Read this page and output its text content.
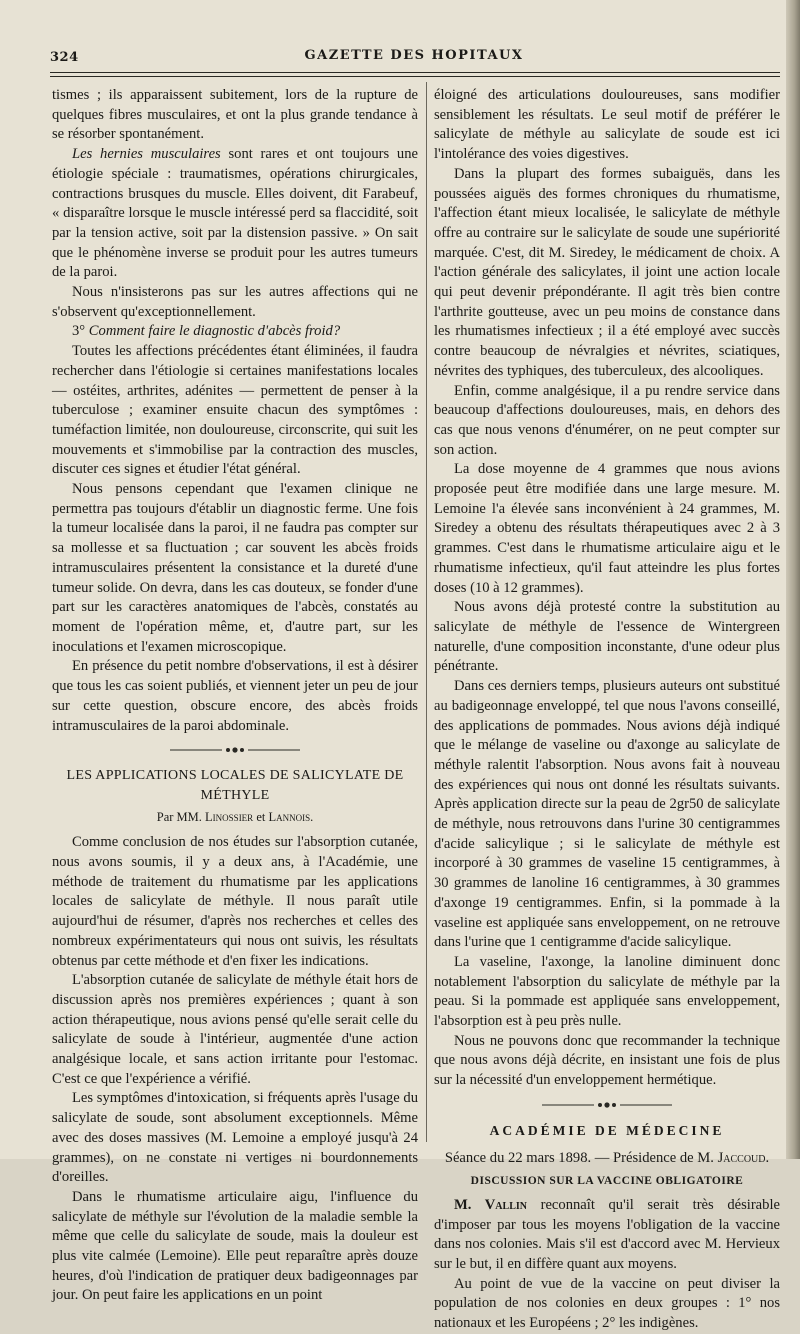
324	GAZETTE DES HOPITAUX

tismes ; ils apparaissent subitement, lors de la rupture de quelques fibres musculaires, et ont la plus grande tendance à se résorber spontanément.

Les hernies musculaires sont rares et ont toujours une étiologie spéciale : traumatismes, opérations chirurgicales, contractions brusques du muscle. Elles doivent, dit Farabeuf, « disparaître lorsque le muscle intéressé perd sa flaccidité, soit par la tension active, soit par la distension passive. » On sait que le phénomène inverse se produit pour les autres tumeurs de la paroi.

Nous n'insisterons pas sur les autres affections qui ne s'observent qu'exceptionnellement.

3° Comment faire le diagnostic d'abcès froid?

Toutes les affections précédentes étant éliminées, il faudra rechercher dans l'étiologie si certaines manifestations locales — ostéites, arthrites, adénites — permettent de penser à la tuberculose ; examiner ensuite chacun des symptômes : tuméfaction limitée, non douloureuse, circonscrite, qui suit les mouvements et s'immobilise par la contraction des muscles, discuter ces signes et étudier l'état général.

Nous pensons cependant que l'examen clinique ne permettra pas toujours d'établir un diagnostic ferme. Une fois la tumeur localisée dans la paroi, il ne faudra pas compter sur sa mollesse et sa fluctuation ; car souvent les abcès froids intramusculaires présentent la consistance et la dureté d'une tumeur solide. On devra, dans les cas douteux, se fonder d'une part sur les caractères anatomiques de l'abcès, constatés au moment de l'opération même, et, d'autre part, sur les inoculations et l'examen microscopique.

En présence du petit nombre d'observations, il est à désirer que tous les cas soient publiés, et viennent jeter un peu de jour sur cette question, obscure encore, des abcès froids intramusculaires de la paroi abdominale.

LES APPLICATIONS LOCALES DE SALICYLATE DE MÉTHYLE
Par MM. Linossier et Lannois.

Comme conclusion de nos études sur l'absorption cutanée, nous avons soumis, il y a deux ans, à l'Académie, une méthode de traitement du rhumatisme par les applications locales de salicylate de méthyle. Il nous paraît utile aujourd'hui de résumer, d'après nos recherches et celles des nombreux expérimentateurs qui nous ont suivis, les résultats obtenus par cette méthode et d'en fixer les indications.

L'absorption cutanée de salicylate de méthyle était hors de discussion après nos premières expériences ; quant à son action thérapeutique, nous avions pensé qu'elle serait celle du salicylate de soude à l'intérieur, augmentée d'une action analgésique locale, et sans action irritante pour l'estomac. C'est ce que l'expérience a vérifié.

Les symptômes d'intoxication, si fréquents après l'usage du salicylate de soude, sont absolument exceptionnels. Même avec des doses massives (M. Lemoine a employé jusqu'à 24 grammes), on ne constate ni vertiges ni bourdonnements d'oreilles.

Dans le rhumatisme articulaire aigu, l'influence du salicylate de méthyle sur l'évolution de la maladie semble la même que celle du salicylate de soude, mais la douleur est plus vite calmée (Lemoine). Elle peut reparaître après douze heures, d'où l'indication de pratiquer deux badigeonnages par jour. On peut faire les applications en un point

éloigné des articulations douloureuses, sans modifier sensiblement les résultats. Le seul motif de préférer le salicylate de méthyle au salicylate de soude est ici l'intolérance des voies digestives.

Dans la plupart des formes subaiguës, dans les poussées aiguës des formes chroniques du rhumatisme, l'affection étant mieux localisée, le salicylate de méthyle offre au contraire sur le salicylate de soude une supériorité marquée. C'est, dit M. Siredey, le médicament de choix. A l'action générale des salicylates, il joint une action locale qui peut devenir prépondérante. Il agit très bien contre l'arthrite goutteuse, avec un peu moins de constance dans les rhumatismes infectieux ; il a été employé avec succès contre beaucoup de névralgies et névrites, sciatiques, névrites des typhiques, des tuberculeux, des alcooliques.

Enfin, comme analgésique, il a pu rendre service dans beaucoup d'affections douloureuses, mais, en dehors des cas que nous venons d'énumérer, on ne peut compter sur son action.

La dose moyenne de 4 grammes que nous avions proposée peut être modifiée dans une large mesure. M. Lemoine l'a élevée sans inconvénient à 24 grammes, M. Siredey a obtenu des résultats thérapeutiques avec 2 à 3 grammes. C'est dans le rhumatisme articulaire aigu et le rhumatisme infectieux, qu'il faut atteindre les plus fortes doses (10 à 12 grammes).

Nous avons déjà protesté contre la substitution au salicylate de méthyle de l'essence de Wintergreen naturelle, d'une composition inconstante, d'une odeur plus pénétrante.

Dans ces derniers temps, plusieurs auteurs ont substitué au badigeonnage enveloppé, tel que nous l'avons conseillé, des applications de pommades. Nous avions déjà indiqué que le mélange de vaseline ou d'axonge au salicylate de méthyle ralentit l'absorption. Nous avons fait à nouveau des expériences qui nous ont donné les résultats suivants. Après application directe sur la peau de 2gr50 de salicylate de méthyle, nous retrouvons dans l'urine 30 centigrammes d'acide salicylique ; si le salicylate de méthyle est incorporé à 30 grammes de vaseline 15 centigrammes, à 30 grammes de lanoline 16 centigrammes, à 30 grammes d'axonge 19 centigrammes. Enfin, si la pommade à la vaseline est appliquée sans enveloppement, on ne retrouve dans l'urine que 1 centigramme d'acide salicylique.

La vaseline, l'axonge, la lanoline diminuent donc notablement l'absorption du salicylate de méthyle par la peau. Si la pommade est appliquée sans enveloppement, l'absorption est à peu près nulle.

Nous ne pouvons donc que recommander la technique que nous avons déjà décrite, en insistant une fois de plus sur la nécessité d'un enveloppement hermétique.

ACADÉMIE DE MÉDECINE

Séance du 22 mars 1898. — Présidence de M. Jaccoud.

DISCUSSION SUR LA VACCINE OBLIGATOIRE

M. Vallin reconnaît qu'il serait très désirable d'imposer par tous les moyens l'obligation de la vaccine dans nos colonies. Mais s'il est d'accord avec M. Hervieux sur le but, il en diffère quant aux moyens.

Au point de vue de la vaccine on peut diviser la population de nos colonies en deux groupes : 1° nos nationaux et les Européens ; 2° les indigènes.
